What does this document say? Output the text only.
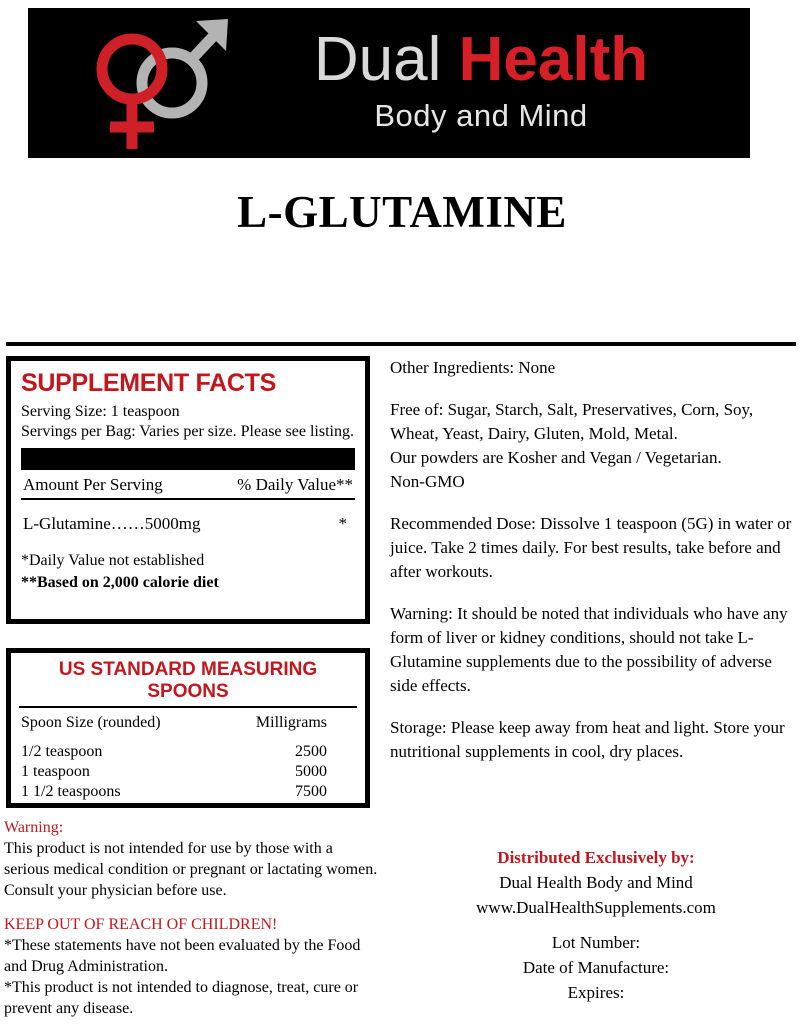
Dual Health
Body and Mind
L-GLUTAMINE
SUPPLEMENT FACTS
Serving Size: 1 teaspoon
Servings per Bag: Varies per size. Please see listing.
Amount Per Serving	% Daily Value**
L-Glutamine……5000mg	*
*Daily Value not established
**Based on 2,000 calorie diet
US STANDARD MEASURING SPOONS
Spoon Size (rounded)	Milligrams
1/2 teaspoon	2500
1 teaspoon	5000
1 1/2 teaspoons	7500
Warning:
This product is not intended for use by those with a serious medical condition or pregnant or lactating women. Consult your physician before use.
KEEP OUT OF REACH OF CHILDREN!
*These statements have not been evaluated by the Food and Drug Administration.
*This product is not intended to diagnose, treat, cure or prevent any disease.
Other Ingredients: None
Free of: Sugar, Starch, Salt, Preservatives, Corn, Soy,
Wheat, Yeast, Dairy, Gluten, Mold, Metal.
Our powders are Kosher and Vegan / Vegetarian.
Non-GMO
Recommended Dose: Dissolve 1 teaspoon (5G) in water or juice. Take 2 times daily. For best results, take before and after workouts.
Warning: It should be noted that individuals who have any form of liver or kidney conditions, should not take L-Glutamine supplements due to the possibility of adverse side effects.
Storage: Please keep away from heat and light. Store your nutritional supplements in cool, dry places.
Distributed Exclusively by:
Dual Health Body and Mind
www.DualHealthSupplements.com
Lot Number:
Date of Manufacture:
Expires:
